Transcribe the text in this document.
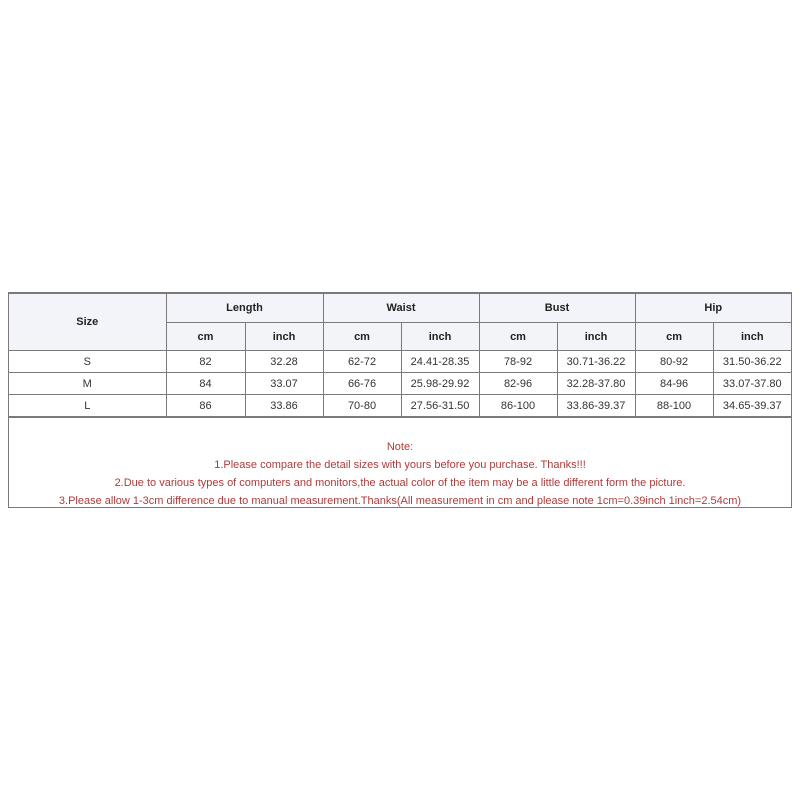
Size	Length		Waist		Bust		Hip	
	cm	inch	cm	inch	cm	inch	cm	inch
S	82	32.28	62-72	24.41-28.35	78-92	30.71-36.22	80-92	31.50-36.22
M	84	33.07	66-76	25.98-29.92	82-96	32.28-37.80	84-96	33.07-37.80
L	86	33.86	70-80	27.56-31.50	86-100	33.86-39.37	88-100	34.65-39.37
Note:
1.Please compare the detail sizes with yours before you purchase. Thanks!!!
2.Due to various types of computers and monitors,the actual color of the item may be a little different form the picture.
3.Please allow 1-3cm difference due to manual measurement.Thanks(All measurement in cm and please note 1cm=0.39inch 1inch=2.54cm)
